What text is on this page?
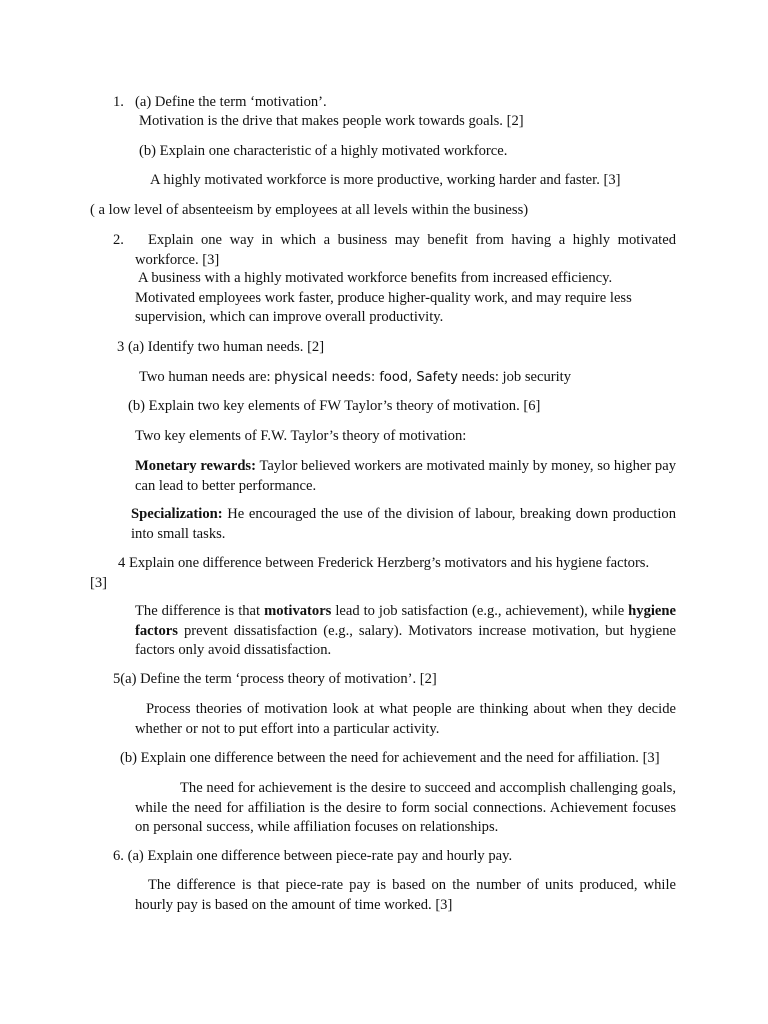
1. (a) Define the term ‘motivation’.
Motivation is the drive that makes people work towards goals. [2]
(b) Explain one characteristic of a highly motivated workforce.
A highly motivated workforce is more productive, working harder and faster. [3]
( a low level of absenteeism by employees at all levels within the business)
2.	Explain one way in which a business may benefit from having a highly motivated workforce. [3]
A business with a highly motivated workforce benefits from increased efficiency. Motivated employees work faster, produce higher-quality work, and may require less supervision, which can improve overall productivity.
3 (a) Identify two human needs. [2]
Two human needs are: physical needs: food, Safety needs: job security
(b) Explain two key elements of FW Taylor’s theory of motivation. [6]
Two key elements of F.W. Taylor’s theory of motivation:
Monetary rewards: Taylor believed workers are motivated mainly by money, so higher pay can lead to better performance.
Specialization: He encouraged the use of the division of labour, breaking down production into small tasks.
4 Explain one difference between Frederick Herzberg’s motivators and his hygiene factors.
[3]
The difference is that motivators lead to job satisfaction (e.g., achievement), while hygiene factors prevent dissatisfaction (e.g., salary). Motivators increase motivation, but hygiene factors only avoid dissatisfaction.
5(a) Define the term ‘process theory of motivation’. [2]
Process theories of motivation look at what people are thinking about when they decide whether or not to put effort into a particular activity.
(b) Explain one difference between the need for achievement and the need for affiliation. [3]
The need for achievement is the desire to succeed and accomplish challenging goals, while the need for affiliation is the desire to form social connections. Achievement focuses on personal success, while affiliation focuses on relationships.
6. (a) Explain one difference between piece-rate pay and hourly pay.
The difference is that piece-rate pay is based on the number of units produced, while hourly pay is based on the amount of time worked. [3]
